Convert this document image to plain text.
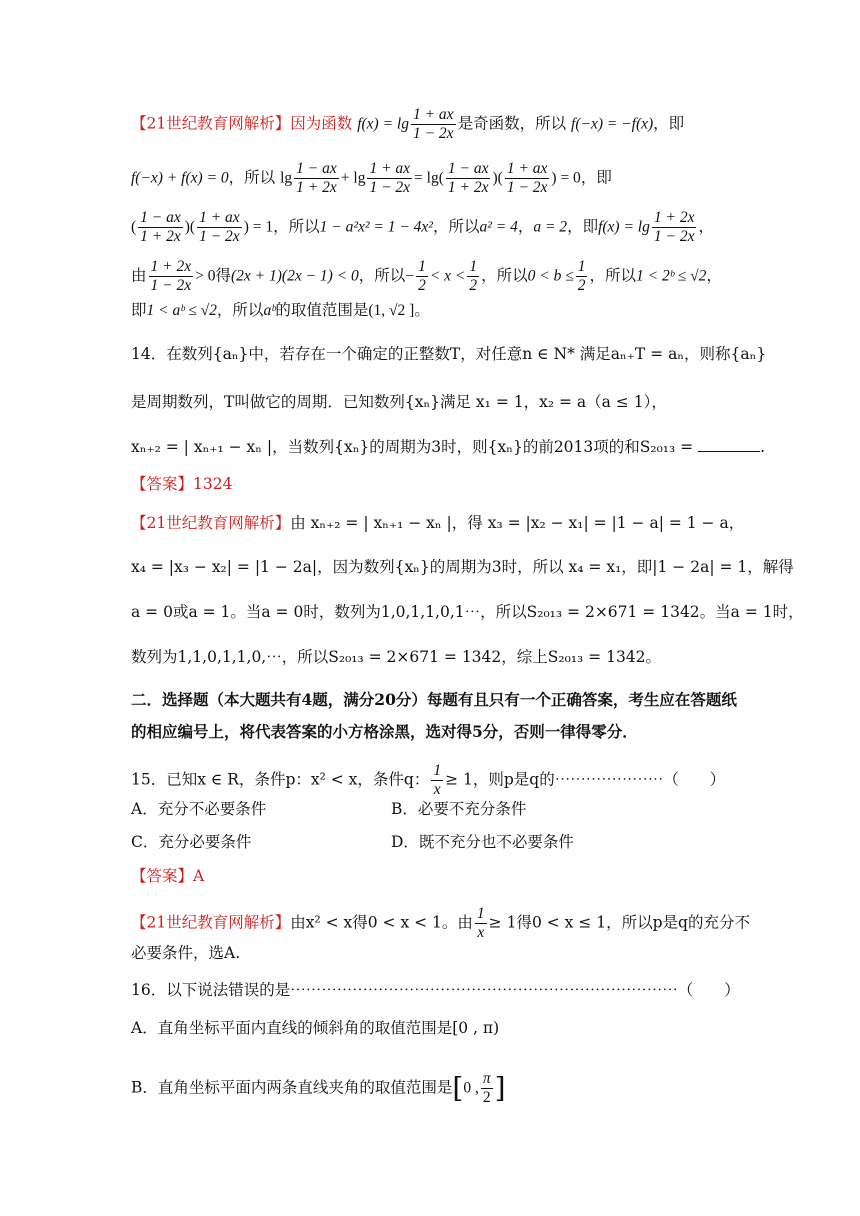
【21世纪教育网解析】因为函数 $f(x) = \lg \frac{1 + ax}{1 - 2x}$ 是奇函数，所以 f(−x) = −f(x)，即
f(−x) + f(x) = 0，所以 $\lg \frac{1 - ax}{1 + 2x} + \lg \frac{1 + ax}{1 - 2x} = \lg( \frac{1 - ax}{1 + 2x}$ )( $\frac{1 + ax}{1 - 2x}$ ) = 0，即
( $\frac{1 - ax}{1 + 2x}$ )( $\frac{1 + ax}{1 - 2x}$ ) = 1，所以1 − a²x² = 1 − 4x²，所以a² = 4，a = 2，即$f(x) = \lg \frac{1 + 2x}{1 - 2x}$ ，
由 $\frac{1 + 2x}{1 - 2x} > 0$得(2x + 1)(2x − 1) < 0，所以− $\frac{1}{2} < x < \frac{1}{2}$ ，所以$0 < b \le \frac{1}{2}$ ，所以1 < 2ᵇ ≤ √2，
即1 < aᵇ ≤ √2，所以aᵇ的取值范围是(1, √2 ]。
14．在数列{aₙ}中，若存在一个确定的正整数T，对任意n ∈ N* 满足aₙ₊T = aₙ，则称{aₙ}
是周期数列，T叫做它的周期．已知数列{xₙ}满足 x₁ = 1，x₂ = a（a ≤ 1），
xₙ₊₂ = | xₙ₊₁ − xₙ |，当数列{xₙ}的周期为3时，则{xₙ}的前2013项的和S₂₀₁₃ =	.
【答案】1324
【21世纪教育网解析】由 xₙ₊₂ = | xₙ₊₁ − xₙ |，得 x₃ = |x₂ − x₁| = |1 − a| = 1 − a，
x₄ = |x₃ − x₂| = |1 − 2a|，因为数列{xₙ}的周期为3时，所以 x₄ = x₁，即|1 − 2a| = 1，解得
a = 0或a = 1。当a = 0时，数列为1,0,1,1,0,1⋯，所以S₂₀₁₃ = 2×671 = 1342。当a = 1时，
数列为1,1,0,1,1,0,⋯，所以S₂₀₁₃ = 2×671 = 1342，综上S₂₀₁₃ = 1342。
二．选择题（本大题共有4题，满分20分）每题有且只有一个正确答案，考生应在答题纸
的相应编号上，将代表答案的小方格涂黑，选对得5分，否则一律得零分．
15．已知x ∈ R，条件p：x² < x，条件q： $\frac{1}{x} \ge 1$，则p是q的⋯⋯⋯⋯⋯⋯⋯（　　）
A．充分不必要条件	B．必要不充分条件
C．充分必要条件	D．既不充分也不必要条件
【答案】A
【21世纪教育网解析】由x² < x得0 < x < 1。由 $\frac{1}{x} \ge 1$得0 < x ≤ 1，所以p是q的充分不
必要条件，选A.
16．以下说法错误的是⋯⋯⋯⋯⋯⋯⋯⋯⋯⋯⋯⋯⋯⋯⋯⋯⋯⋯⋯⋯⋯⋯⋯⋯⋯（　　）
A．直角坐标平面内直线的倾斜角的取值范围是[0 , π)
B．直角坐标平面内两条直线夹角的取值范围是[0 , $\frac{\pi}{2}$ ]
